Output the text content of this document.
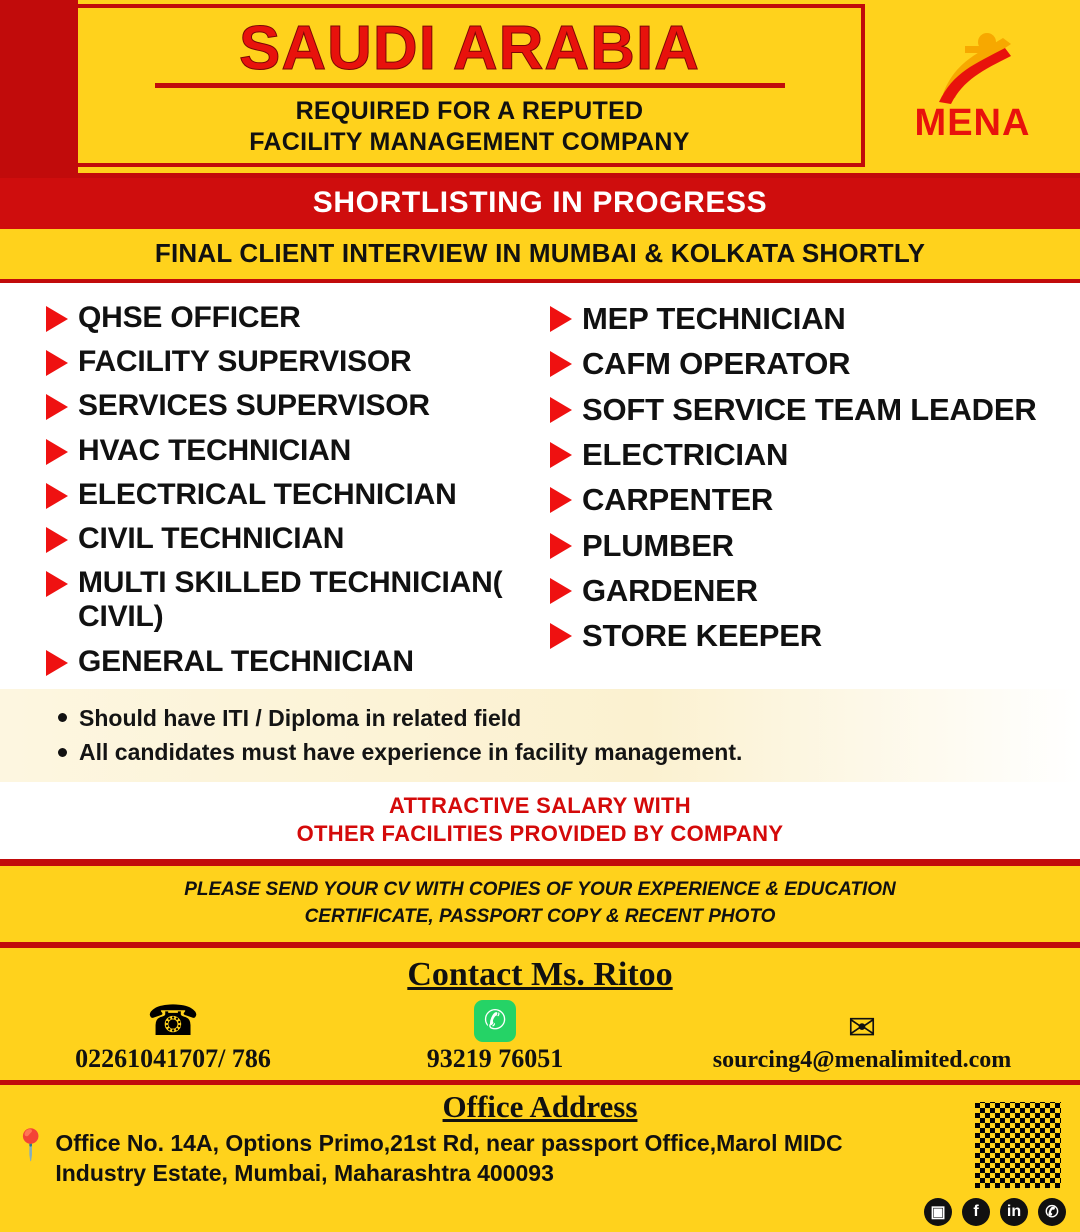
SAUDI ARABIA
REQUIRED FOR A REPUTED
FACILITY MANAGEMENT COMPANY	MENA
SHORTLISTING IN PROGRESS
FINAL CLIENT INTERVIEW IN MUMBAI & KOLKATA SHORTLY
QHSE OFFICER
FACILITY SUPERVISOR
SERVICES SUPERVISOR
HVAC TECHNICIAN
ELECTRICAL TECHNICIAN
CIVIL TECHNICIAN
MULTI SKILLED TECHNICIAN( CIVIL)
GENERAL TECHNICIAN
MEP TECHNICIAN
CAFM OPERATOR
SOFT SERVICE TEAM LEADER
ELECTRICIAN
CARPENTER
PLUMBER
GARDENER
STORE KEEPER
Should have ITI / Diploma in related field
All candidates must have experience in facility management.
ATTRACTIVE SALARY WITH
OTHER FACILITIES PROVIDED BY COMPANY
PLEASE SEND YOUR CV WITH COPIES OF YOUR EXPERIENCE & EDUCATION
CERTIFICATE, PASSPORT COPY & RECENT PHOTO
Contact Ms. Ritoo
☎
02261041707/ 786
✆
93219 76051
✉
sourcing4@menalimited.com
Office Address
📍 Office No. 14A, Options Primo,21st Rd, near passport Office,Marol MIDC
Industry Estate, Mumbai, Maharashtra 400093
▣	f	in	✆
